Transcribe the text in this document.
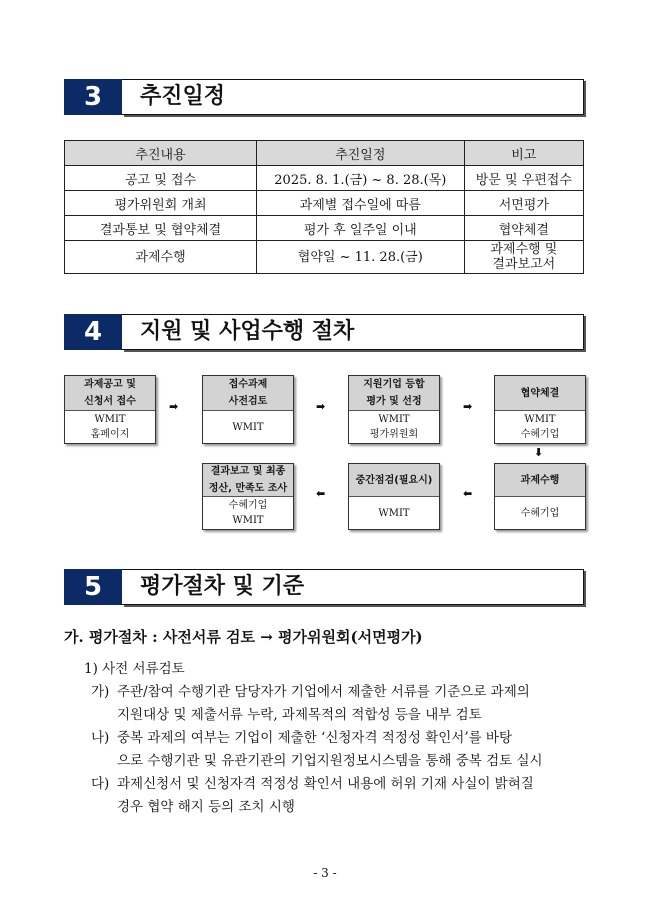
3	추진일정
추진내용	추진일정	비고
공고 및 접수	2025. 8. 1.(금) ~ 8. 28.(목)	방문 및 우편접수
평가위원회 개최	과제별 접수일에 따름	서면평가
결과통보 및 협약체결	평가 후 일주일 이내	협약체결
과제수행	협약일 ~ 11. 28.(금)	과제수행 및
결과보고서
4	지원 및 사업수행 절차
과제공고 및
신청서 접수
WMIT
홈페이지
➡
접수과제
사전검토
WMIT
➡
지원기업 등합
평가 및 선정
WMIT
평가위원회
➡
협약체결
WMIT
수혜기업
⬇
과제수행
수혜기업
⬅
중간점검(필요시)
WMIT
⬅
결과보고 및 최종
정산, 만족도 조사
수혜기업
WMIT
5	평가절차 및 기준
가. 평가절차 : 사전서류 검토 → 평가위원회(서면평가)
1) 사전 서류검토
가) 주관/참여 수행기관 담당자가 기업에서 제출한 서류를 기준으로 과제의
지원대상 및 제출서류 누락, 과제목적의 적합성 등을 내부 검토
나) 중복 과제의 여부는 기업이 제출한 ‘신청자격 적정성 확인서’를 바탕
으로 수행기관 및 유관기관의 기업지원정보시스템을 통해 중복 검토 실시
다) 과제신청서 및 신청자격 적정성 확인서 내용에 허위 기재 사실이 밝혀질
경우 협약 해지 등의 조치 시행
- 3 -
